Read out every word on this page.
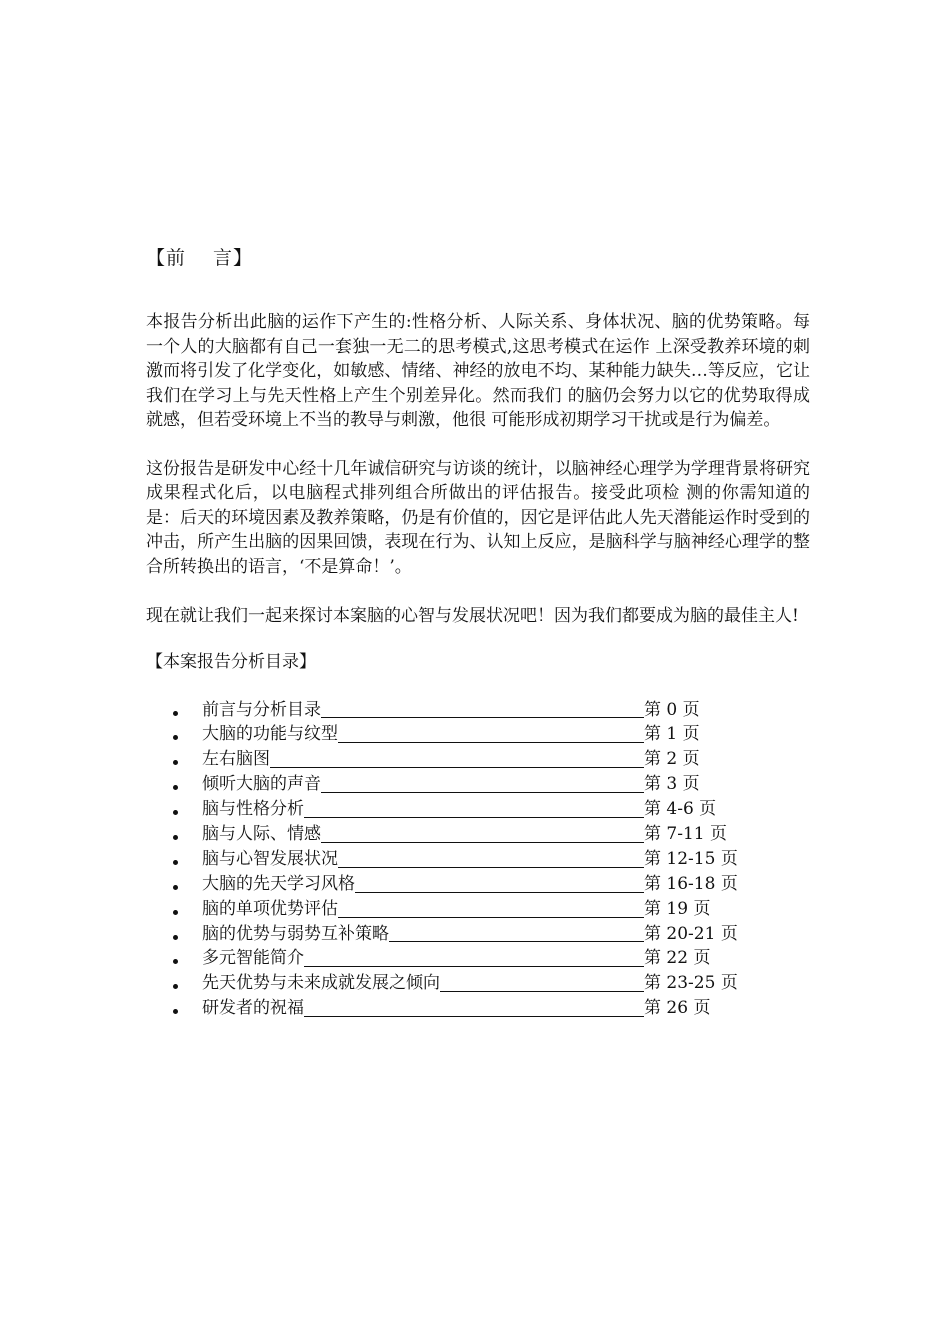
【前　 言】

本报告分析出此脑的运作下产生的:性格分析、人际关系、身体状况、脑的优势策略。每一个人的大脑都有自己一套独一无二的思考模式,这思考模式在运作 上深受教养环境的刺激而将引发了化学变化，如敏感、情绪、神经的放电不均、某种能力缺失…等反应，它让我们在学习上与先天性格上产生个别差异化。然而我们 的脑仍会努力以它的优势取得成就感，但若受环境上不当的教导与刺激，他很 可能形成初期学习干扰或是行为偏差。

这份报告是研发中心经十几年诚信研究与访谈的统计，以脑神经心理学为学理背景将研究成果程式化后，以电脑程式排列组合所做出的评估报告。接受此项检 测的你需知道的是：后天的环境因素及教养策略，仍是有价值的，因它是评估此人先天潜能运作时受到的冲击，所产生出脑的因果回馈，表现在行为、认知上反应，是脑科学与脑神经心理学的整合所转换出的语言，‘不是算命！’。

现在就让我们一起来探讨本案脑的心智与发展状况吧！因为我们都要成为脑的最佳主人!

【本案报告分析目录】
前言与分析目录	第 0 页
大脑的功能与纹型	第 1 页
左右脑图	第 2 页
倾听大脑的声音	第 3 页
脑与性格分析	第 4-6 页
脑与人际、情感	第 7-11 页
脑与心智发展状况	第 12-15 页
大脑的先天学习风格	第 16-18 页
脑的单项优势评估	第 19 页
脑的优势与弱势互补策略	第 20-21 页
多元智能简介	第 22 页
先天优势与未来成就发展之倾向	第 23-25 页
研发者的祝福	第 26 页
